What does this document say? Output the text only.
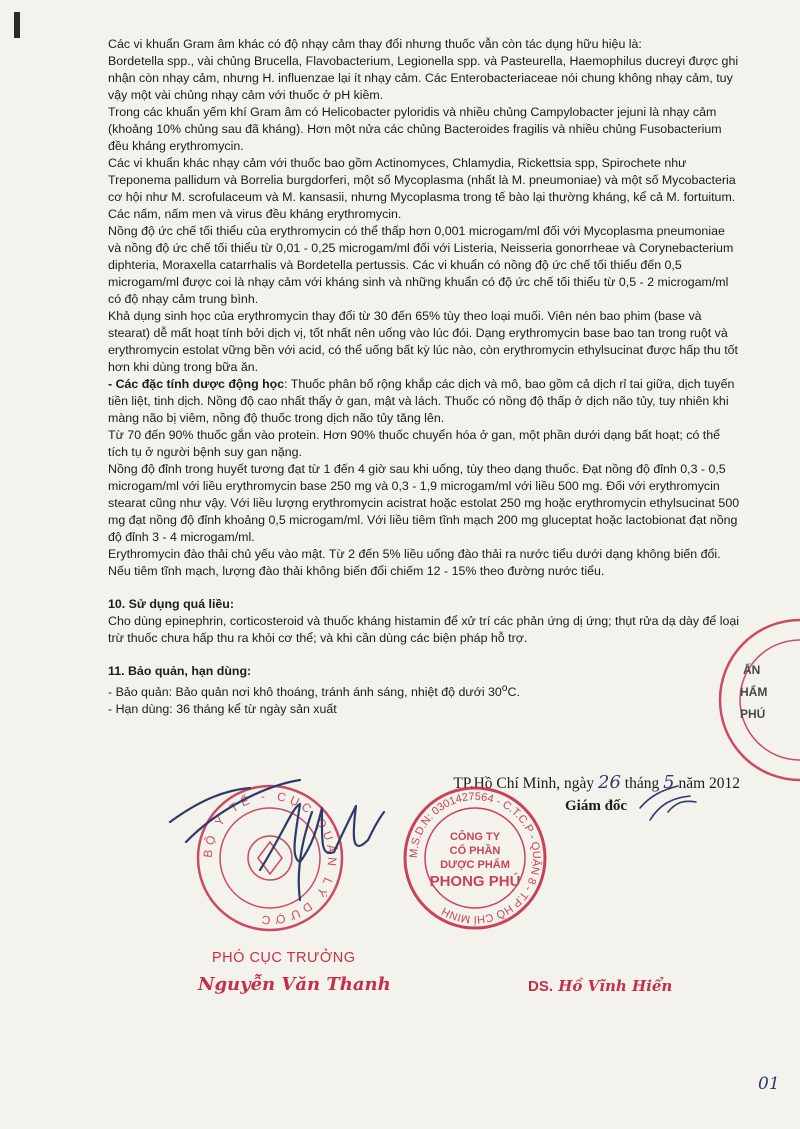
Các vi khuẩn Gram âm khác có độ nhạy cảm thay đổi nhưng thuốc vẫn còn tác dụng hữu hiệu là:

Bordetella spp., vài chủng Brucella, Flavobacterium, Legionella spp. và Pasteurella, Haemophilus ducreyi được ghi nhận còn nhạy cảm, nhưng H. influenzae lại ít nhạy cảm. Các Enterobacteriaceae nói chung không nhạy cảm, tuy vậy một vài chủng nhạy cảm với thuốc ở pH kiềm.

Trong các khuẩn yếm khí Gram âm có Helicobacter pyloridis và nhiều chủng Campylobacter jejuni là nhạy cảm (khoảng 10% chủng sau đã kháng). Hơn một nửa các chủng Bacteroides fragilis và nhiều chủng Fusobacterium đều kháng erythromycin.

Các vi khuẩn khác nhạy cảm với thuốc bao gồm Actinomyces, Chlamydia, Rickettsia spp, Spirochete như Treponema pallidum và Borrelia burgdorferi, một số Mycoplasma (nhất là M. pneumoniae) và một số Mycobacteria cơ hội như M. scrofulaceum và M. kansasii, nhưng Mycoplasma trong tế bào lại thường kháng, kể cả M. fortuitum.

Các nấm, nấm men và virus đều kháng erythromycin.

Nồng độ ức chế tối thiểu của erythromycin có thể thấp hơn 0,001 microgam/ml đối với Mycoplasma pneumoniae và nồng độ ức chế tối thiểu từ 0,01 - 0,25 microgam/ml đối với Listeria, Neisseria gonorrheae và Corynebacterium diphteria, Moraxella catarrhalis và Bordetella pertussis. Các vi khuẩn có nồng độ ức chế tối thiểu đến 0,5 microgam/ml được coi là nhạy cảm với kháng sinh và những khuẩn có độ ức chế tối thiểu từ 0,5 - 2 microgam/ml có độ nhạy cảm trung bình.

Khả dụng sinh học của erythromycin thay đổi từ 30 đến 65% tùy theo loại muối. Viên nén bao phim (base và stearat) dễ mất hoạt tính bởi dịch vị, tốt nhất nên uống vào lúc đói. Dạng erythromycin base bao tan trong ruột và erythromycin estolat vững bền với acid, có thể uống bất kỳ lúc nào, còn erythromycin ethylsucinat được hấp thu tốt hơn khi dùng trong bữa ăn.

- Các đặc tính dược động học: Thuốc phân bố rộng khắp các dịch và mô, bao gồm cả dịch rỉ tai giữa, dịch tuyến tiền liệt, tinh dịch. Nồng độ cao nhất thấy ở gan, mật và lách. Thuốc có nồng độ thấp ở dịch não tủy, tuy nhiên khi màng não bị viêm, nồng độ thuốc trong dịch não tủy tăng lên.

Từ 70 đến 90% thuốc gắn vào protein. Hơn 90% thuốc chuyển hóa ở gan, một phần dưới dạng bất hoạt; có thể tích tụ ở người bệnh suy gan nặng.

Nồng độ đỉnh trong huyết tương đạt từ 1 đến 4 giờ sau khi uống, tùy theo dạng thuốc. Đạt nồng độ đỉnh 0,3 - 0,5 microgam/ml với liều erythromycin base 250 mg và 0,3 - 1,9 microgam/ml với liều 500 mg. Đối với erythromycin stearat cũng như vậy. Với liều lượng erythromycin acistrat hoặc estolat 250 mg hoặc erythromycin ethylsucinat 500 mg đạt nồng độ đỉnh khoảng 0,5 microgam/ml. Với liều tiêm tĩnh mạch 200 mg gluceptat hoặc lactobionat đạt nồng độ đỉnh 3 - 4 microgam/ml.

Erythromycin đào thải chủ yếu vào mật. Từ 2 đến 5% liều uống đào thải ra nước tiểu dưới dạng không biến đổi. Nếu tiêm tĩnh mạch, lượng đào thải không biến đổi chiếm 12 - 15% theo đường nước tiểu.

10. Sử dụng quá liều:

Cho dùng epinephrin, corticosteroid và thuốc kháng histamin để xử trí các phản ứng dị ứng; thụt rửa dạ dày để loại trừ thuốc chưa hấp thu ra khỏi cơ thể; và khi cần dùng các biện pháp hỗ trợ.

11. Bảo quản, hạn dùng:

- Bảo quản: Bảo quản nơi khô thoáng, tránh ánh sáng, nhiệt độ dưới 30$^o$C.

- Hạn dùng: 36 tháng kể từ ngày sản xuất

TP.Hồ Chí Minh, ngày 26 tháng 5 năm 2012
Giám đốc
BỘ Y TẾ - CỤC QUẢN LÝ DƯỢC
M.S.D.N: 0301427564 - C.T.C.P - QUẬN 8 - T.P HỒ CHÍ MINH
CÔNG TY
CỔ PHẦN
DƯỢC PHẨM
PHONG PHÚ
ẤN
HẨM
PHÚ
PHÓ CỤC TRƯỞNG
Nguyễn Văn Thanh	DS. Hồ Vĩnh Hiển
01
